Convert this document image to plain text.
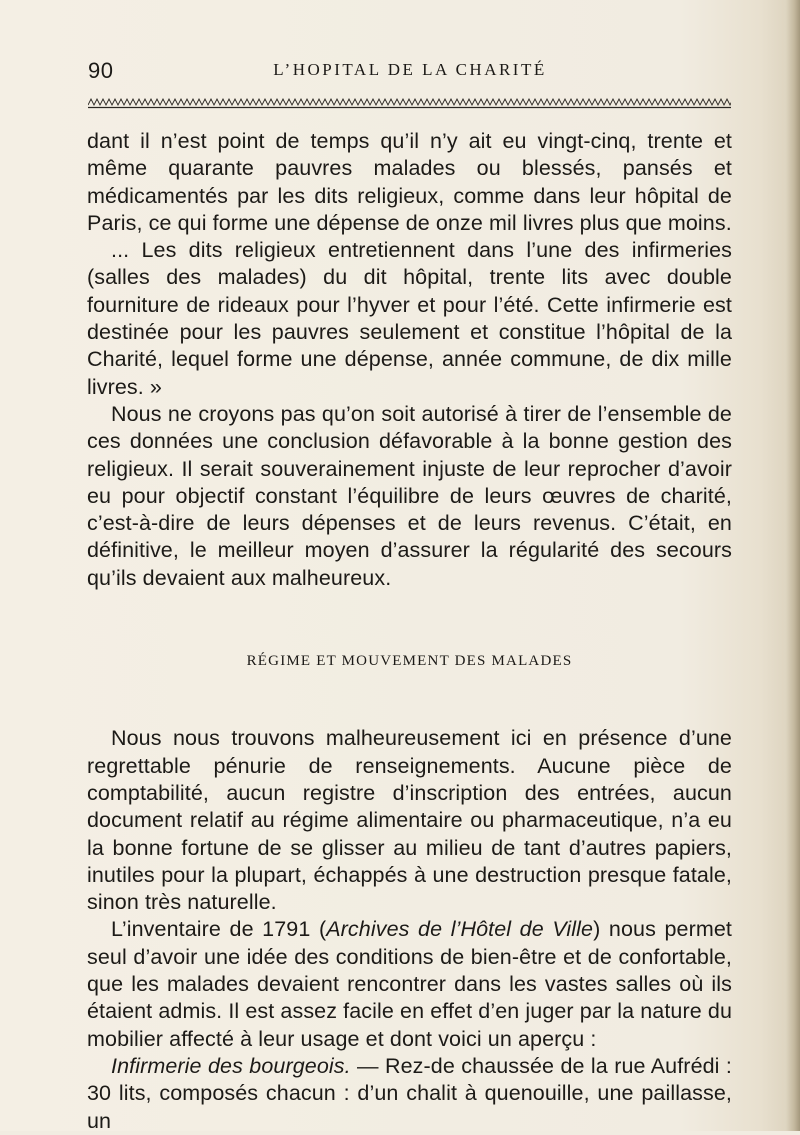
90	L’HOPITAL DE LA CHARITÉ

dant il n’est point de temps qu’il n’y ait eu vingt-cinq, trente et même quarante pauvres malades ou blessés, pansés et médicamentés par les dits religieux, comme dans leur hôpital de Paris, ce qui forme une dépense de onze mil livres plus que moins.

... Les dits religieux entretiennent dans l’une des infirmeries (salles des malades) du dit hôpital, trente lits avec double fourniture de rideaux pour l’hyver et pour l’été. Cette infirmerie est destinée pour les pauvres seulement et constitue l’hôpital de la Charité, lequel forme une dépense, année commune, de dix mille livres. »

Nous ne croyons pas qu’on soit autorisé à tirer de l’ensemble de ces données une conclusion défavorable à la bonne gestion des religieux. Il serait souverainement injuste de leur reprocher d’avoir eu pour objectif constant l’équilibre de leurs œuvres de charité, c’est-à-dire de leurs dépenses et de leurs revenus. C’était, en définitive, le meilleur moyen d’assurer la régularité des secours qu’ils devaient aux malheureux.

RÉGIME ET MOUVEMENT DES MALADES

Nous nous trouvons malheureusement ici en présence d’une regrettable pénurie de renseignements. Aucune pièce de comptabilité, aucun registre d’inscription des entrées, aucun document relatif au régime alimentaire ou pharmaceutique, n’a eu la bonne fortune de se glisser au milieu de tant d’autres papiers, inutiles pour la plupart, échappés à une destruction presque fatale, sinon très naturelle.

L’inventaire de 1791 (Archives de l’Hôtel de Ville) nous permet seul d’avoir une idée des conditions de bien-être et de confortable, que les malades devaient rencontrer dans les vastes salles où ils étaient admis. Il est assez facile en effet d’en juger par la nature du mobilier affecté à leur usage et dont voici un aperçu :

Infirmerie des bourgeois. — Rez-de chaussée de la rue Aufrédi : 30 lits, composés chacun : d’un chalit à quenouille, une paillasse, un
